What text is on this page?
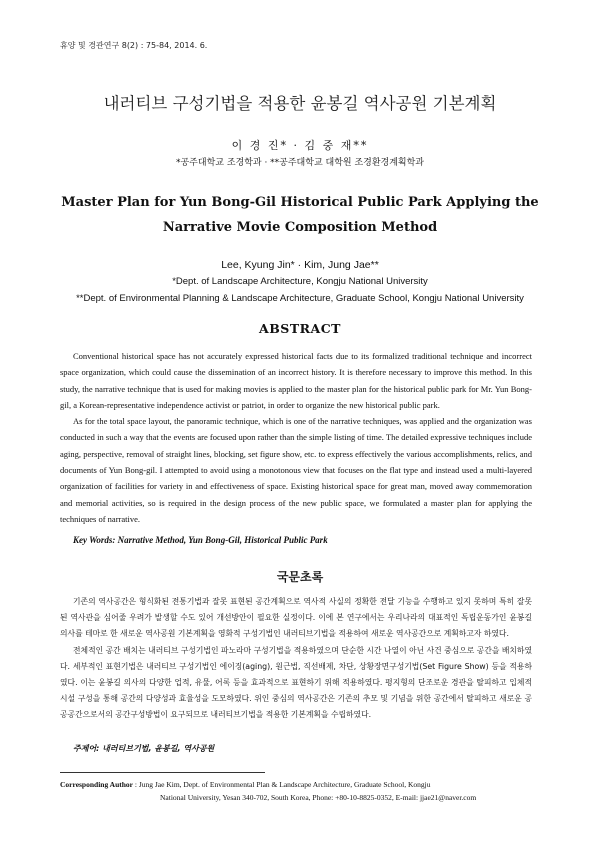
휴양 및 경관연구 8(2) : 75-84, 2014. 6.
내러티브 구성기법을 적용한 윤봉길 역사공원 기본계획
이 경 진* · 김 중 재**
*공주대학교 조경학과 · **공주대학교 대학원 조경환경계획학과
Master Plan for Yun Bong-Gil Historical Public Park Applying the
Narrative Movie Composition Method
Lee, Kyung Jin* · Kim, Jung Jae**
*Dept. of Landscape Architecture, Kongju National University
**Dept. of Environmental Planning & Landscape Architecture, Graduate School, Kongju National University
ABSTRACT

Conventional historical space has not accurately expressed historical facts due to its formalized traditional technique and incorrect space organization, which could cause the dissemination of an incorrect history. It is therefore necessary to improve this method. In this study, the narrative technique that is used for making movies is applied to the master plan for the historical public park for Mr. Yun Bong-gil, a Korean-representative independence activist or patriot, in order to organize the new historical public park.

As for the total space layout, the panoramic technique, which is one of the narrative techniques, was applied and the organization was conducted in such a way that the events are focused upon rather than the simple listing of time. The detailed expressive techniques include aging, perspective, removal of straight lines, blocking, set figure show, etc. to express effectively the various accomplishments, relics, and documents of Yun Bong-gil. I attempted to avoid using a monotonous view that focuses on the flat type and instead used a multi-layered organization of facilities for variety in and effectiveness of space. Existing historical space for great man, moved away commemoration and memorial activities, so is required in the design process of the new public space, we formulated a master plan for applying the techniques of narrative.

Key Words: Narrative Method, Yun Bong-Gil, Historical Public Park
국문초록

기존의 역사공간은 형식화된 전통기법과 잘못 표현된 공간계획으로 역사적 사실의 정확한 전달 기능을 수행하고 있지 못하며 특히 잘못된 역사관을 심어줄 우려가 발생할 수도 있어 개선방안이 필요한 실정이다. 이에 본 연구에서는 우리나라의 대표적인 독립운동가인 윤봉길 의사를 테마로 한 새로운 역사공원 기본계획을 영화적 구성기법인 내러티브기법을 적용하여 새로운 역사공간으로 계획하고자 하였다.

전체적인 공간 배치는 내러티브 구성기법인 파노라마 구성기법을 적용하였으며 단순한 시간 나열이 아닌 사건 중심으로 공간을 배치하였다. 세부적인 표현기법은 내러티브 구성기법인 에이징(aging), 원근법, 직선배제, 차단, 상황장면구성기법(Set Figure Show) 등을 적용하였다. 이는 윤봉길 의사의 다양한 업적, 유물, 어록 등을 효과적으로 표현하기 위해 적용하였다. 평지형의 단조로운 경관을 탈피하고 입체적 시설 구성을 통해 공간의 다양성과 효율성을 도모하였다. 위인 중심의 역사공간은 기존의 추모 및 기념을 위한 공간에서 탈피하고 새로운 공공공간으로서의 공간구성방법이 요구되므로 내러티브기법을 적용한 기본계획을 수립하였다.

주제어: 내러티브기법, 윤봉길, 역사공원
Corresponding Author : Jung Jae Kim, Dept. of Environmental Plan & Landscape Architecture, Graduate School, Kongju
National University, Yesan 340-702, South Korea, Phone: +80-10-8825-0352, E-mail: jjae21@naver.com
